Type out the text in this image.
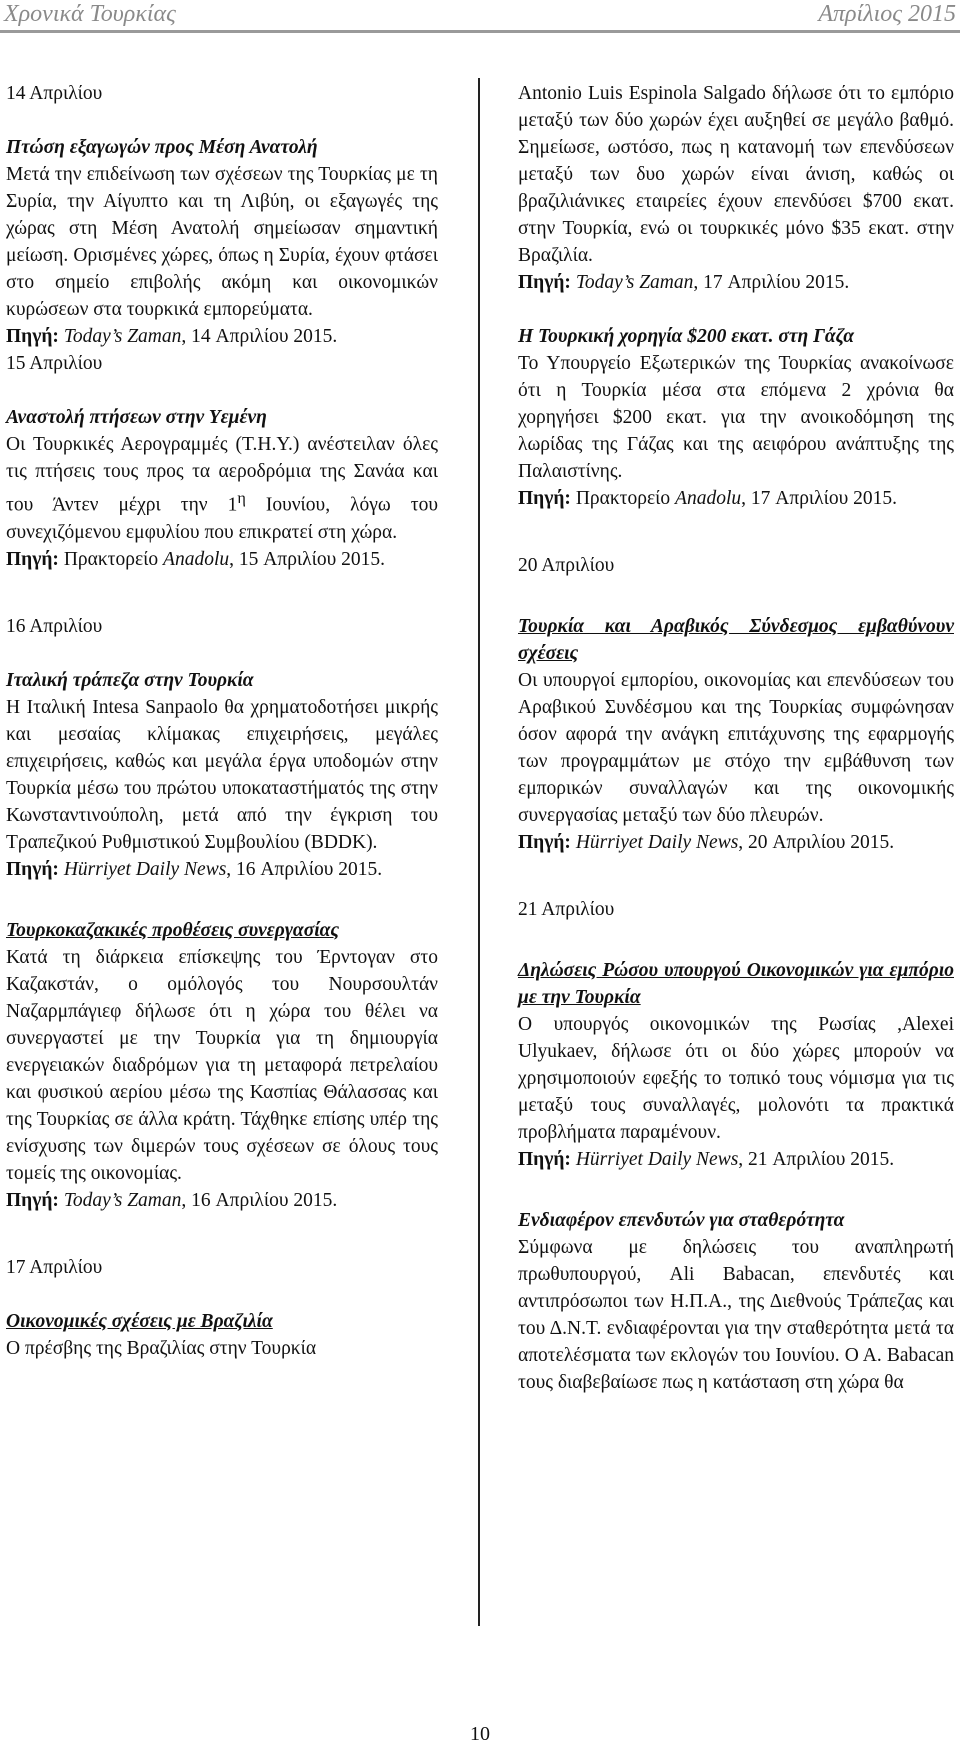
Χρονικά Τουρκίας	Απρίλιος 2015

14 Απριλίου

Πτώση εξαγωγών προς Μέση Ανατολή

Μετά την επιδείνωση των σχέσεων της Τουρκίας με τη Συρία, την Αίγυπτο και τη Λιβύη, οι εξαγωγές της χώρας στη Μέση Ανατολή σημείωσαν σημαντική μείωση. Ορισμένες χώρες, όπως η Συρία, έχουν φτάσει στο σημείο επιβολής ακόμη και οικονομικών κυρώσεων στα τουρκικά εμπορεύματα.

Πηγή: Today’s Zaman, 14 Απριλίου 2015.

15 Απριλίου

Αναστολή πτήσεων στην Υεμένη

Οι Τουρκικές Αερογραμμές (Τ.Η.Υ.) ανέστειλαν όλες τις πτήσεις τους προς τα αεροδρόμια της Σανάα και του Άντεν μέχρι την $1^\eta$ Ιουνίου, λόγω του συνεχιζόμενου εμφυλίου που επικρατεί στη χώρα.

Πηγή: Πρακτορείο Anadolu, 15 Απριλίου 2015.

16 Απριλίου

Ιταλική τράπεζα στην Τουρκία

Η Ιταλική Intesa Sanpaolo θα χρηματοδοτήσει μικρής και μεσαίας κλίμακας επιχειρήσεις, μεγάλες επιχειρήσεις, καθώς και μεγάλα έργα υποδομών στην Τουρκία μέσω του πρώτου υποκαταστήματός της στην Κωνσταντινούπολη, μετά από την έγκριση του Τραπεζικού Ρυθμιστικού Συμβουλίου (BDDK).

Πηγή: Hürriyet Daily News, 16 Απριλίου 2015.

Τουρκοκαζακικές προθέσεις συνεργασίας

Κατά τη διάρκεια επίσκεψης του Έρντογαν στο Καζακστάν, ο ομόλογός του Νουρσουλτάν Ναζαρμπάγιεφ δήλωσε ότι η χώρα του θέλει να συνεργαστεί με την Τουρκία για τη δημιουργία ενεργειακών διαδρόμων για τη μεταφορά πετρελαίου και φυσικού αερίου μέσω της Κασπίας Θάλασσας και της Τουρκίας σε άλλα κράτη. Τάχθηκε επίσης υπέρ της ενίσχυσης των διμερών τους σχέσεων σε όλους τους τομείς της οικονομίας.

Πηγή: Today’s Zaman, 16 Απριλίου 2015.

17 Απριλίου

Οικονομικές σχέσεις με Βραζιλία

Ο πρέσβης της Βραζιλίας στην Τουρκία

Antonio Luis Espinola Salgado δήλωσε ότι το εμπόριο μεταξύ των δύο χωρών έχει αυξηθεί σε μεγάλο βαθμό. Σημείωσε, ωστόσο, πως η κατανομή των επενδύσεων μεταξύ των δυο χωρών είναι άνιση, καθώς οι βραζιλιάνικες εταιρείες έχουν επενδύσει $700 εκατ. στην Τουρκία, ενώ οι τουρκικές μόνο $35 εκατ. στην Βραζιλία.

Πηγή: Today’s Zaman, 17 Απριλίου 2015.

Η Τουρκική χορηγία $200 εκατ. στη Γάζα

Το Υπουργείο Εξωτερικών της Τουρκίας ανακοίνωσε ότι η Τουρκία μέσα στα επόμενα 2 χρόνια θα χορηγήσει $200 εκατ. για την ανοικοδόμηση της λωρίδας της Γάζας και της αειφόρου ανάπτυξης της Παλαιστίνης.

Πηγή: Πρακτορείο Anadolu, 17 Απριλίου 2015.

20 Απριλίου

Τουρκία και Αραβικός Σύνδεσμος εμβαθύνουν σχέσεις

Οι υπουργοί εμπορίου, οικονομίας και επενδύσεων του Αραβικού Συνδέσμου και της Τουρκίας συμφώνησαν όσον αφορά την ανάγκη επιτάχυνσης της εφαρμογής των προγραμμάτων με στόχο την εμβάθυνση των εμπορικών συναλλαγών και της οικονομικής συνεργασίας μεταξύ των δύο πλευρών.

Πηγή: Hürriyet Daily News, 20 Απριλίου 2015.

21 Απριλίου

Δηλώσεις Ρώσου υπουργού Οικονομικών για εμπόριο με την Τουρκία

Ο υπουργός οικονομικών της Ρωσίας ,Alexei Ulyukaev, δήλωσε ότι οι δύο χώρες μπορούν να χρησιμοποιούν εφεξής το τοπικό τους νόμισμα για τις μεταξύ τους συναλλαγές, μολονότι τα πρακτικά προβλήματα παραμένουν.

Πηγή: Hürriyet Daily News, 21 Απριλίου 2015.

Ενδιαφέρον επενδυτών για σταθερότητα

Σύμφωνα με δηλώσεις του αναπληρωτή πρωθυπουργού, Ali Babacan, επενδυτές και αντιπρόσωποι των Η.Π.Α., της Διεθνούς Τράπεζας και του Δ.Ν.Τ. ενδιαφέρονται για την σταθερότητα μετά τα αποτελέσματα των εκλογών του Ιουνίου. Ο Α. Babacan τους διαβεβαίωσε πως η κατάσταση στη χώρα θα

10
